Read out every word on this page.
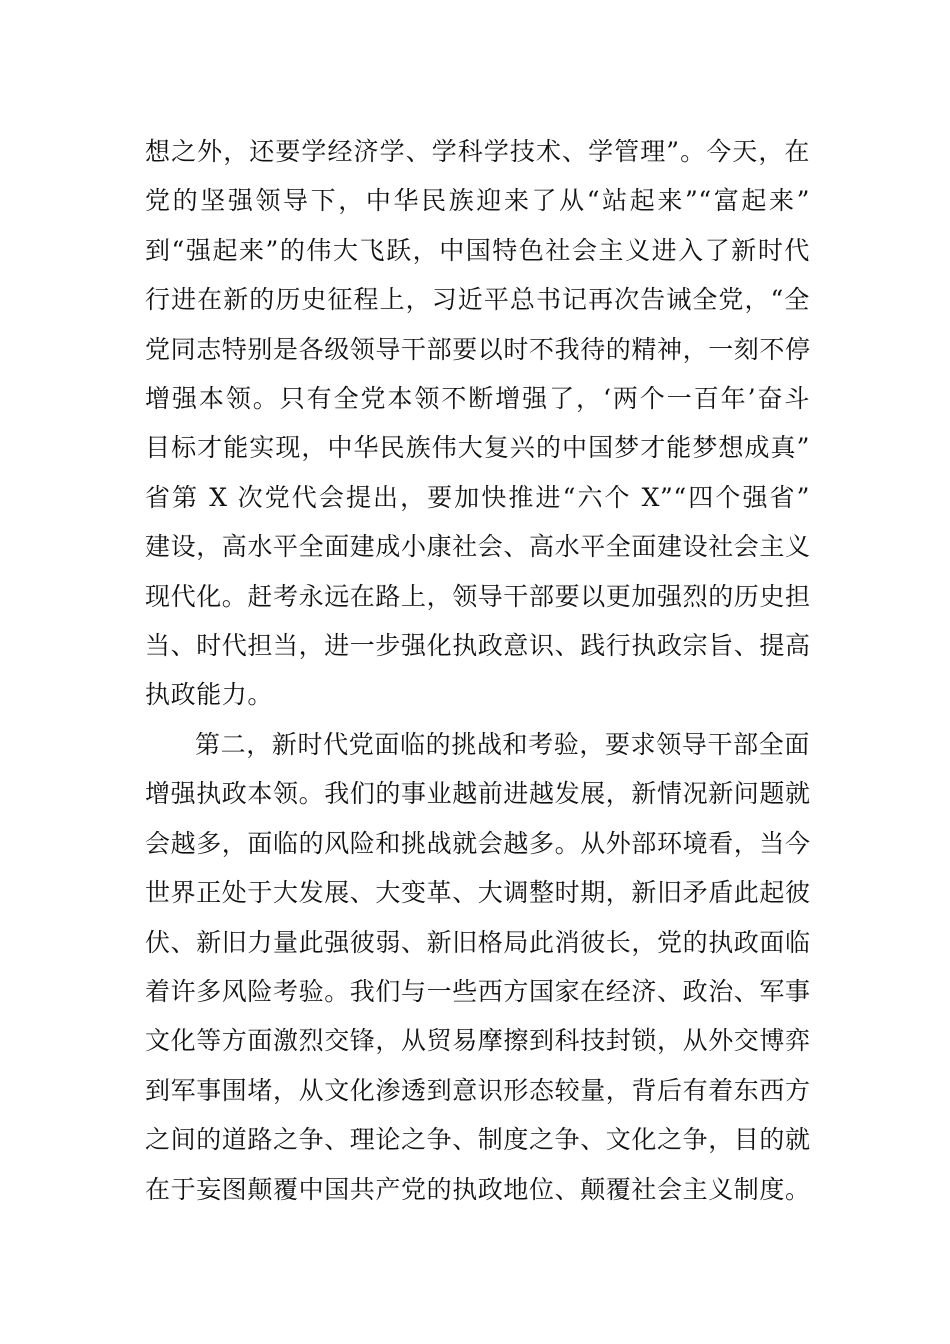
想之外，还要学经济学、学科学技术、学管理”。今天，在
党的坚强领导下，中华民族迎来了从“站起来”“富起来”
到“强起来”的伟大飞跃，中国特色社会主义进入了新时代
行进在新的历史征程上，习近平总书记再次告诫全党，“全
党同志特别是各级领导干部要以时不我待的精神，一刻不停
增强本领。只有全党本领不断增强了，‘两个一百年’奋斗
目标才能实现，中华民族伟大复兴的中国梦才能梦想成真”
省第 X 次党代会提出，要加快推进“六个 X”“四个强省”
建设，高水平全面建成小康社会、高水平全面建设社会主义
现代化。赶考永远在路上，领导干部要以更加强烈的历史担
当、时代担当，进一步强化执政意识、践行执政宗旨、提高
执政能力。
第二，新时代党面临的挑战和考验，要求领导干部全面
增强执政本领。我们的事业越前进越发展，新情况新问题就
会越多，面临的风险和挑战就会越多。从外部环境看，当今
世界正处于大发展、大变革、大调整时期，新旧矛盾此起彼
伏、新旧力量此强彼弱、新旧格局此消彼长，党的执政面临
着许多风险考验。我们与一些西方国家在经济、政治、军事
文化等方面激烈交锋，从贸易摩擦到科技封锁，从外交博弈
到军事围堵，从文化渗透到意识形态较量，背后有着东西方
之间的道路之争、理论之争、制度之争、文化之争，目的就
在于妄图颠覆中国共产党的执政地位、颠覆社会主义制度。
